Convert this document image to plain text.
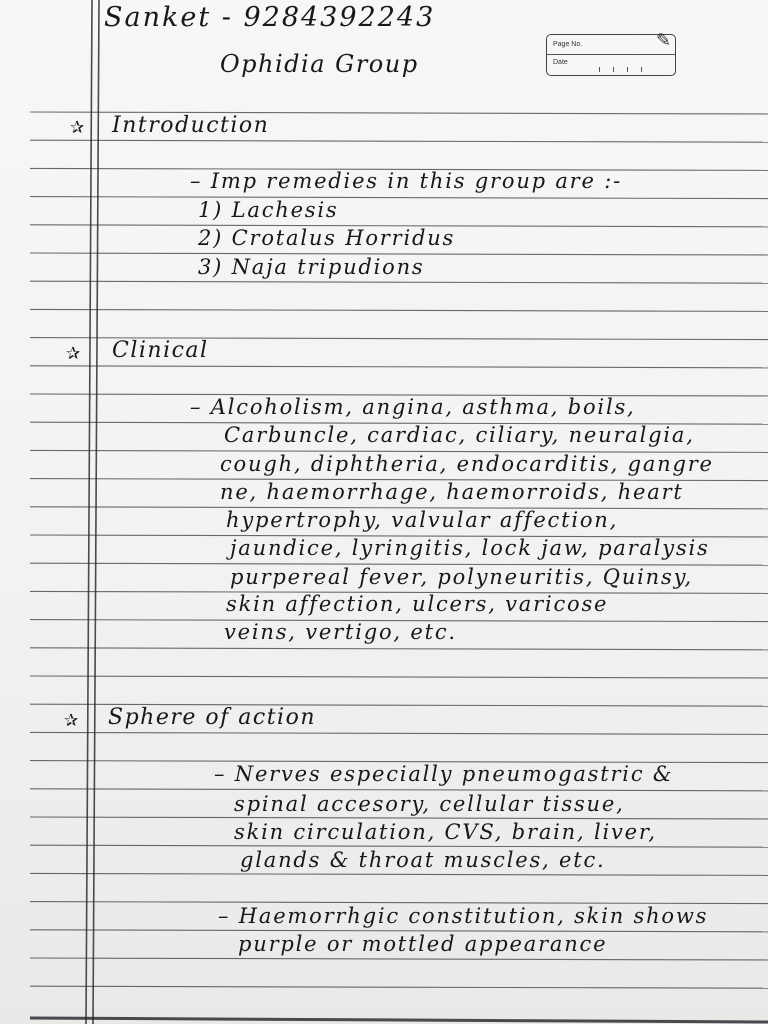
Page No.
Date
✎
Sanket - 9284392243
Ophidia Group
✰ Introduction
– Imp remedies in this group are :-
1) Lachesis
2) Crotalus Horridus
3) Naja tripudions
✰ Clinical
– Alcoholism, angina, asthma, boils,
Carbuncle, cardiac, ciliary, neuralgia,
cough, diphtheria, endocarditis, gangre
ne, haemorrhage, haemorroids, heart
hypertrophy, valvular affection,
jaundice, lyringitis, lock jaw, paralysis
purpereal fever, polyneuritis, Quinsy,
skin affection, ulcers, varicose
veins, vertigo, etc.
✰ Sphere of action
– Nerves especially pneumogastric &
spinal accesory, cellular tissue,
skin circulation, CVS, brain, liver,
glands & throat muscles, etc.
– Haemorrhgic constitution, skin shows
purple or mottled appearance
